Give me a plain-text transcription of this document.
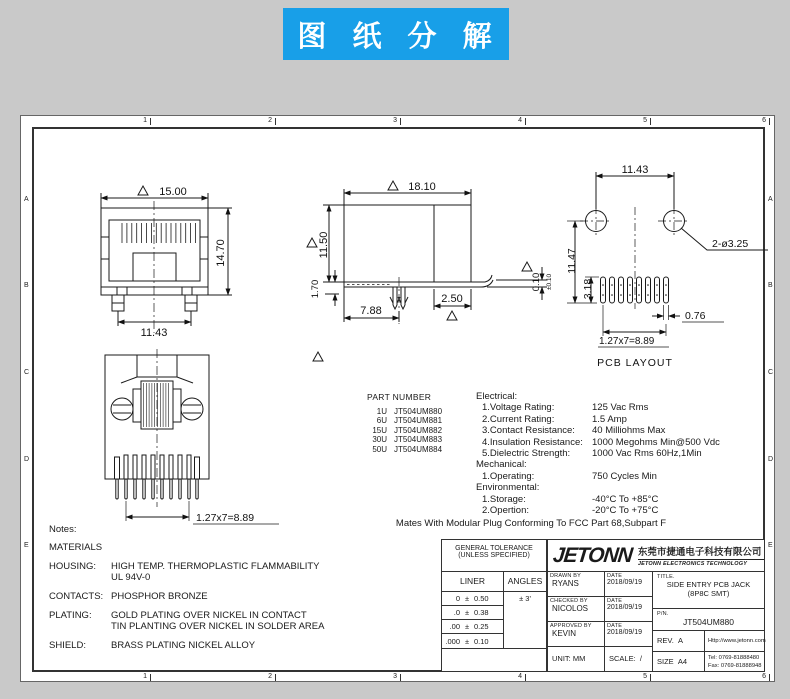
图 纸 分 解
1	2	3	4	5	6
1	2	3	4	5	6
A
B
C
D
E
A
B
C
D
E
15.00
14.70
11.43
18.10
11.50
1.70
7.88
2.50
0.10 ±0.10
11.43
11.47
3.18
2-ø3.25
0.76
1.27x7=8.89
PCB LAYOUT
1.27x7=8.89
PART NUMBER
1U JT504UM880
6U JT504UM881
15U JT504UM882
30U JT504UM883
50U JT504UM884
Electrical:
1.Voltage Rating:	125 Vac Rms
2.Current Rating:	1.5 Amp
3.Contact Resistance:	40 Milliohms Max
4.Insulation Resistance: 1000 Megohms Min@500 Vdc
5.Dielectric Strength:	1000 Vac Rms 60Hz,1Min
Mechanical:
1.Operating:	750 Cycles Min
Environmental:
1.Storage:	-40°C To +85°C
2.Opertion:	-20°C To +75°C
Mates With Modular Plug Conforming To FCC Part 68,Subpart F
Notes:
MATERIALS
HOUSING:	HIGH TEMP. THERMOPLASTIC FLAMMABILITY
UL 94V-0
CONTACTS: PHOSPHOR BRONZE
PLATING:	GOLD PLATING OVER NICKEL IN CONTACT
TIN PLANTING OVER NICKEL IN SOLDER AREA
SHIELD:	BRASS PLATING NICKEL ALLOY
GENERAL TOLERANCE
(UNLESS SPECIFIED)
LINER	ANGLES
0 ± 0.50
.0 ± 0.38
.00 ± 0.25
.000 ± 0.10
± 3'
JETONN 东莞市捷通电子科技有限公司
JETONN ELECTRONICS TECHNOLOGY
DRAWN BY
RYANS
DATE
2018/09/19
CHECKED BY
NICOLOS
DATE
2018/09/19
APPROVED BY
KEVIN
DATE
2018/09/19
UNIT: MM	SCALE: /
TITLE.
SIDE ENTRY PCB JACK
(8P8C SMT)
P/N.
JT504UM880
REV. A	Http://www.jetonn.com
SIZE A4	Tel: 0769-81888480
Fax: 0769-81888948
